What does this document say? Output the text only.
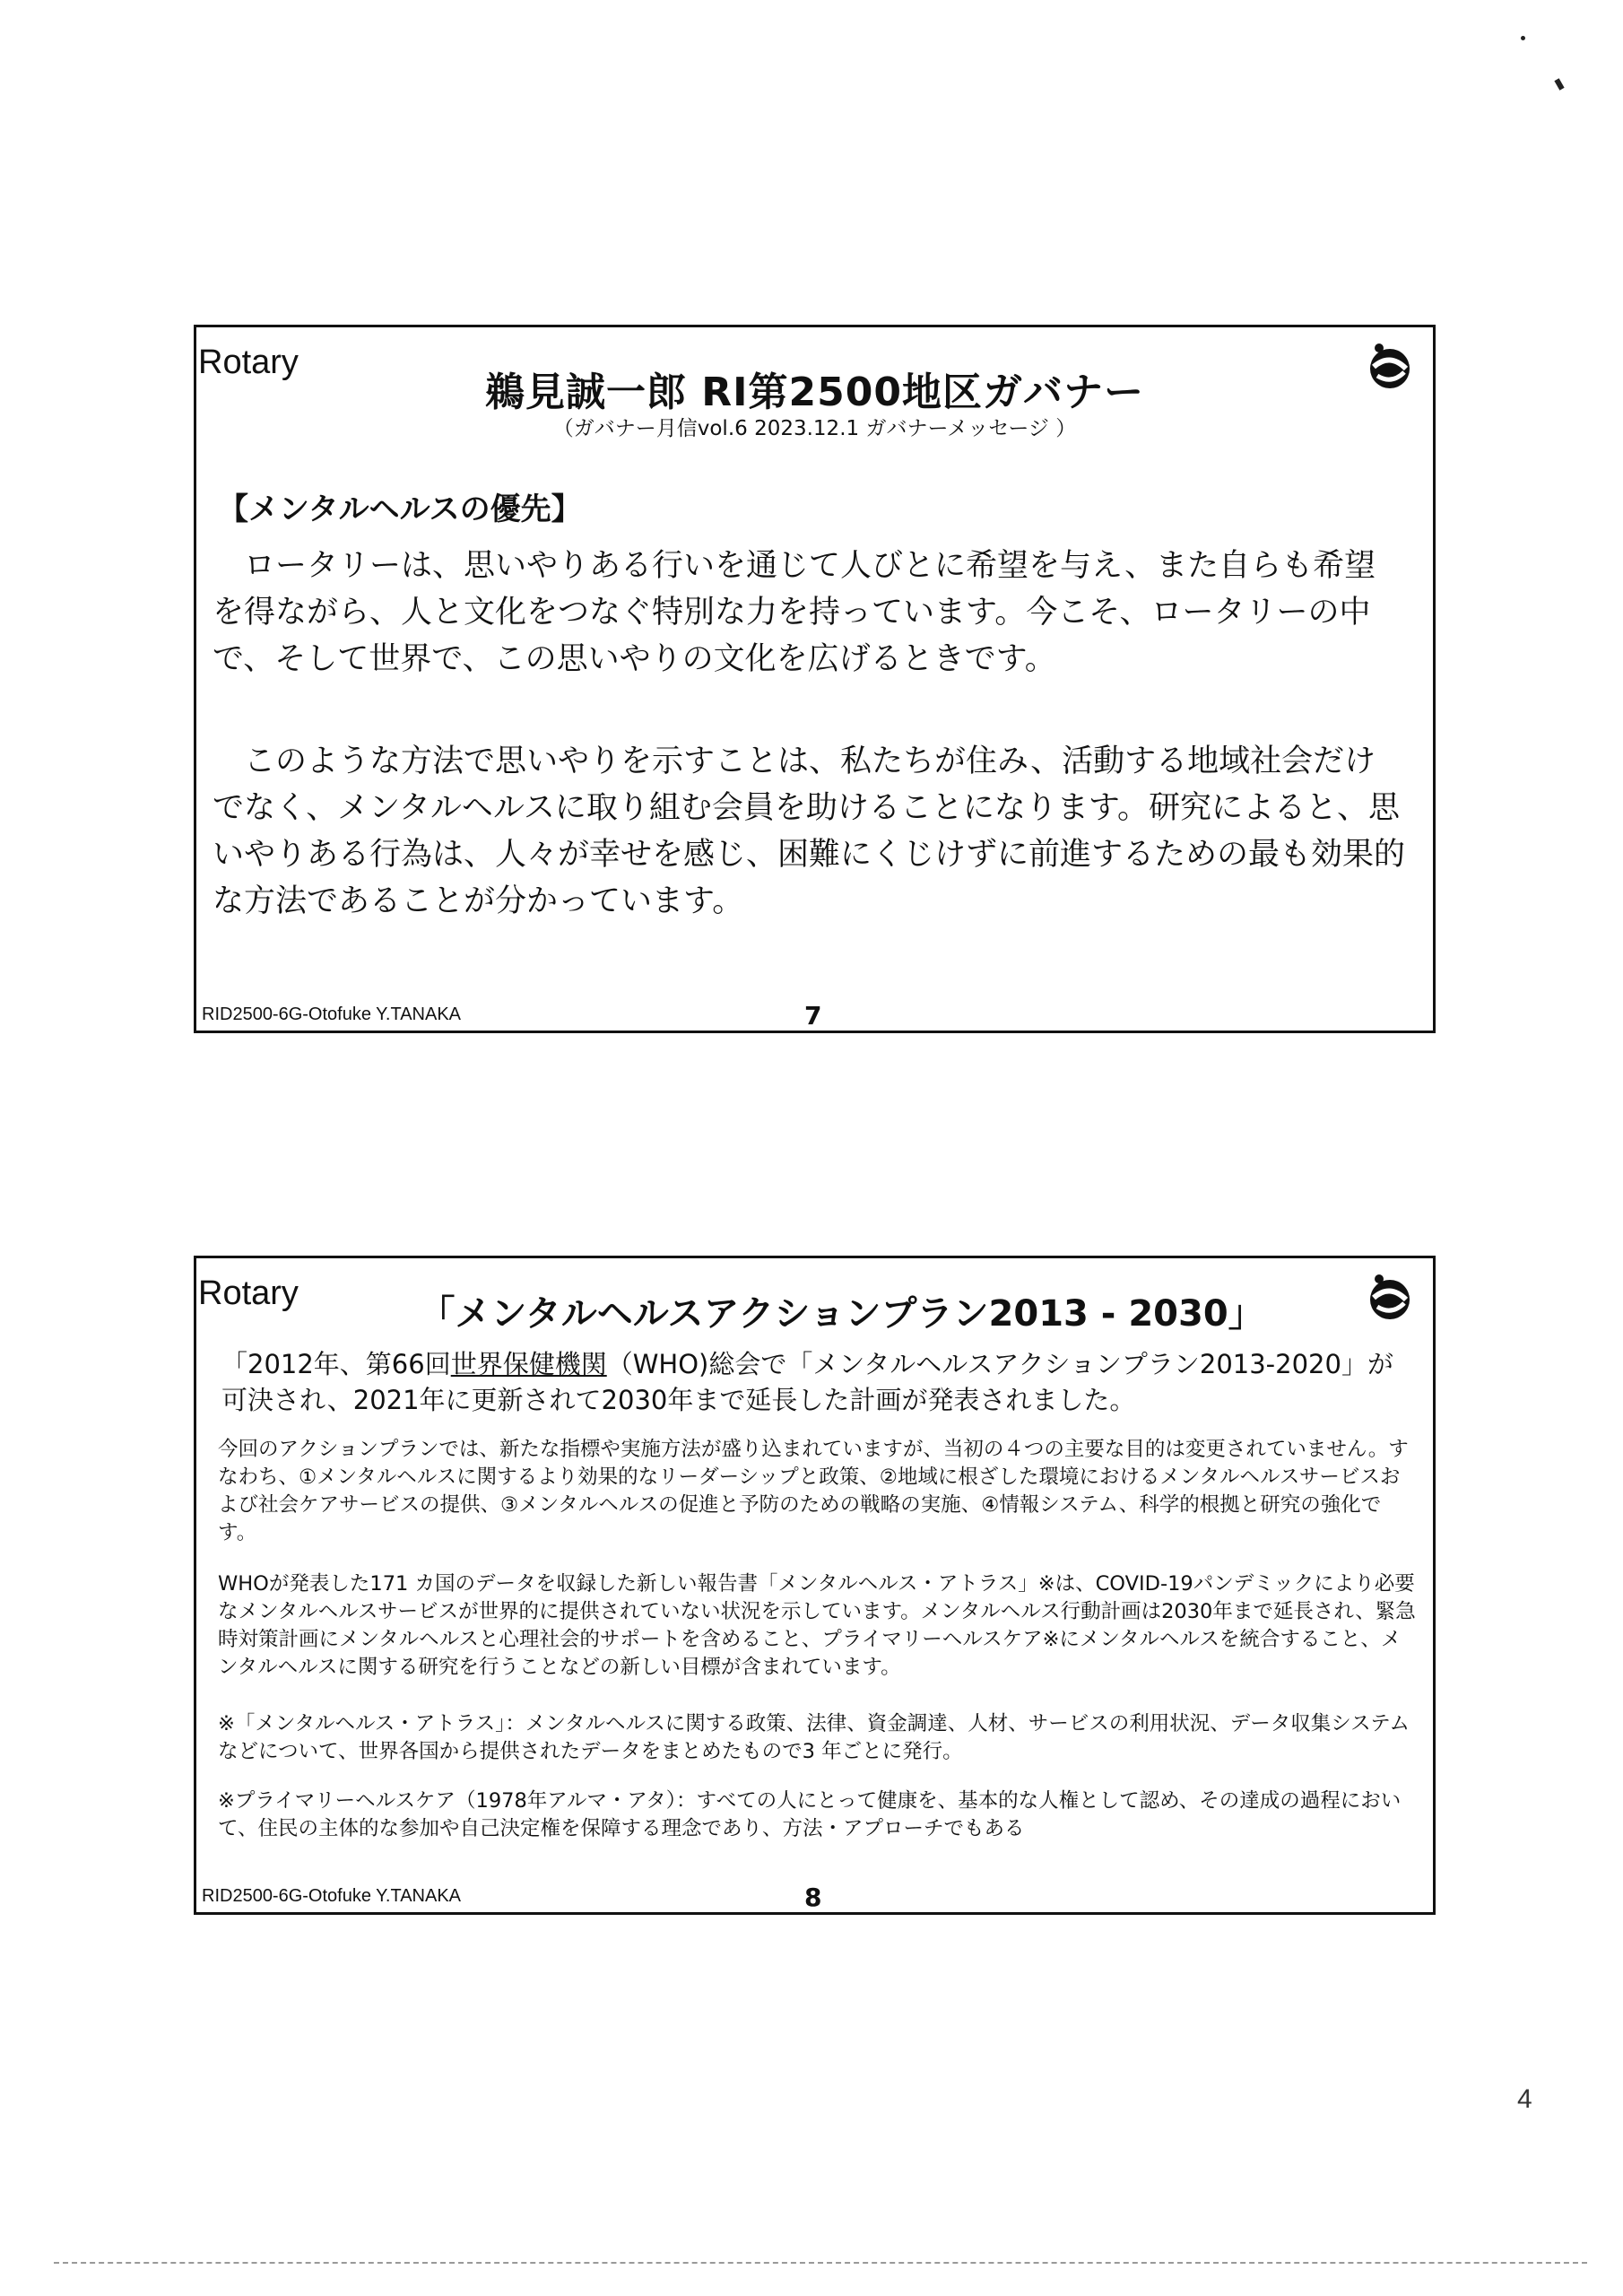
Rotary
鵜見誠一郎 RI第2500地区ガバナー
（ガバナー月信vol.6 2023.12.1 ガバナーメッセージ ）
【メンタルヘルスの優先】

ロータリーは、思いやりある行いを通じて人びとに希望を与え、また自らも希望を得ながら、人と文化をつなぐ特別な力を持っています。今こそ、ロータリーの中で、そして世界で、この思いやりの文化を広げるときです。

このような方法で思いやりを示すことは、私たちが住み、活動する地域社会だけでなく、メンタルヘルスに取り組む会員を助けることになります。研究によると、思いやりある行為は、人々が幸せを感じ、困難にくじけずに前進するための最も効果的な方法であることが分かっています。

RID2500-6G-Otofuke Y.TANAKA	7
Rotary	「メンタルヘルスアクションプラン2013 - 2030」
「2012年、第66回世界保健機関（WHO)総会で「メンタルヘルスアクションプラン2013-2020」が可決され、2021年に更新されて2030年まで延長した計画が発表されました。

今回のアクションプランでは、新たな指標や実施方法が盛り込まれていますが、当初の４つの主要な目的は変更されていません。すなわち、①メンタルヘルスに関するより効果的なリーダーシップと政策、②地域に根ざした環境におけるメンタルヘルスサービスおよび社会ケアサービスの提供、③メンタルヘルスの促進と予防のための戦略の実施、④情報システム、科学的根拠と研究の強化です。

WHOが発表した171 カ国のデータを収録した新しい報告書「メンタルヘルス・アトラス」※は、COVID-19パンデミックにより必要なメンタルヘルスサービスが世界的に提供されていない状況を示しています。メンタルヘルス行動計画は2030年まで延長され、緊急時対策計画にメンタルヘルスと心理社会的サポートを含めること、プライマリーヘルスケア※にメンタルヘルスを統合すること、メンタルヘルスに関する研究を行うことなどの新しい目標が含まれています。

※「メンタルヘルス・アトラス」：メンタルヘルスに関する政策、法律、資金調達、人材、サービスの利用状況、データ収集システムなどについて、世界各国から提供されたデータをまとめたもので3 年ごとに発行。

※プライマリーヘルスケア（1978年アルマ・アタ）：すべての人にとって健康を、基本的な人権として認め、その達成の過程において、住民の主体的な参加や自己決定権を保障する理念であり、方法・アプローチでもある

RID2500-6G-Otofuke Y.TANAKA	8
4
